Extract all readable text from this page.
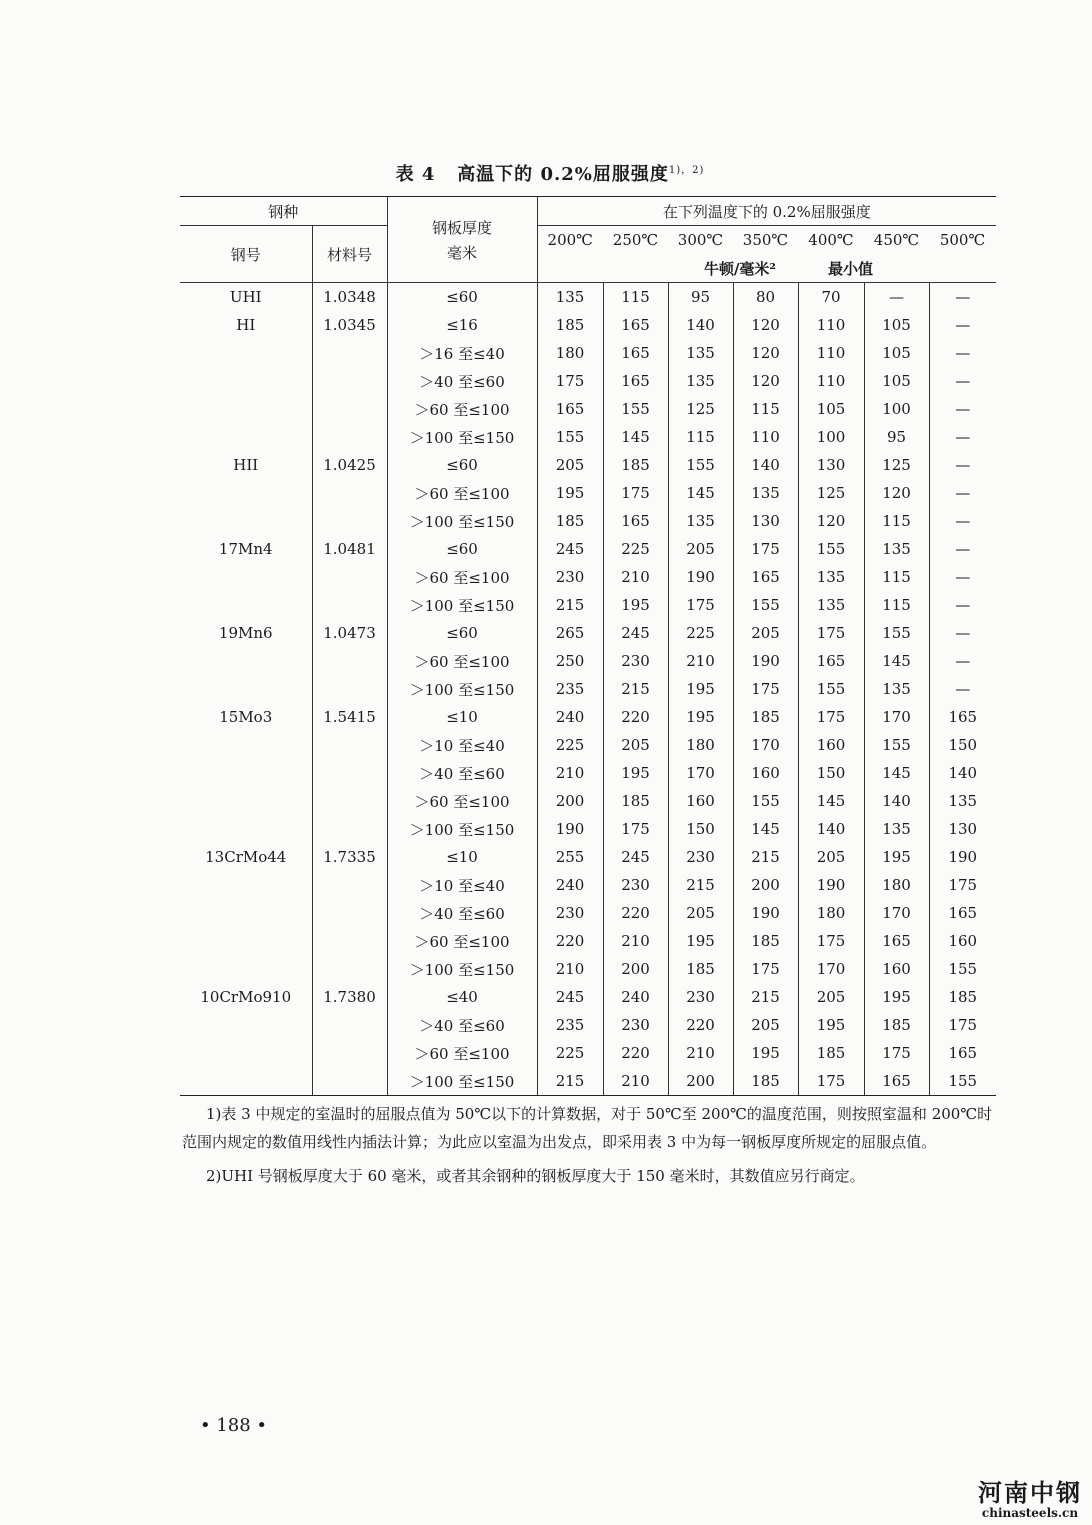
表 4 高温下的 0.2%屈服强度$^{1),2)}$
钢种		钢板厚度
毫米	在下列温度下的 0.2%屈服强度						
钢号	材料号		200℃	250℃	300℃	350℃	400℃	450℃	500℃
			牛顿/毫米²				最小值		
UHI	1.0348	≤60	135	115	95	80	70	—	—
HI	1.0345	≤16	185	165	140	120	110	105	—
		＞16 至≤40	180	165	135	120	110	105	—
		＞40 至≤60	175	165	135	120	110	105	—
		＞60 至≤100	165	155	125	115	105	100	—
		＞100 至≤150	155	145	115	110	100	95	—
HII	1.0425	≤60	205	185	155	140	130	125	—
		＞60 至≤100	195	175	145	135	125	120	—
		＞100 至≤150	185	165	135	130	120	115	—
17Mn4	1.0481	≤60	245	225	205	175	155	135	—
		＞60 至≤100	230	210	190	165	135	115	—
		＞100 至≤150	215	195	175	155	135	115	—
19Mn6	1.0473	≤60	265	245	225	205	175	155	—
		＞60 至≤100	250	230	210	190	165	145	—
		＞100 至≤150	235	215	195	175	155	135	—
15Mo3	1.5415	≤10	240	220	195	185	175	170	165
		＞10 至≤40	225	205	180	170	160	155	150
		＞40 至≤60	210	195	170	160	150	145	140
		＞60 至≤100	200	185	160	155	145	140	135
		＞100 至≤150	190	175	150	145	140	135	130
13CrMo44	1.7335	≤10	255	245	230	215	205	195	190
		＞10 至≤40	240	230	215	200	190	180	175
		＞40 至≤60	230	220	205	190	180	170	165
		＞60 至≤100	220	210	195	185	175	165	160
		＞100 至≤150	210	200	185	175	170	160	155
10CrMo910	1.7380	≤40	245	240	230	215	205	195	185
		＞40 至≤60	235	230	220	205	195	185	175
		＞60 至≤100	225	220	210	195	185	175	165
		＞100 至≤150	215	210	200	185	175	165	155

1)表 3 中规定的室温时的屈服点值为 50℃以下的计算数据，对于 50℃至 200℃的温度范围，则按照室温和 200℃时范围内规定的数值用线性内插法计算；为此应以室温为出发点，即采用表 3 中为每一钢板厚度所规定的屈服点值。

2)UHI 号钢板厚度大于 60 毫米，或者其余钢种的钢板厚度大于 150 毫米时，其数值应另行商定。

• 188 •
河南中钢
chinasteels.cn
